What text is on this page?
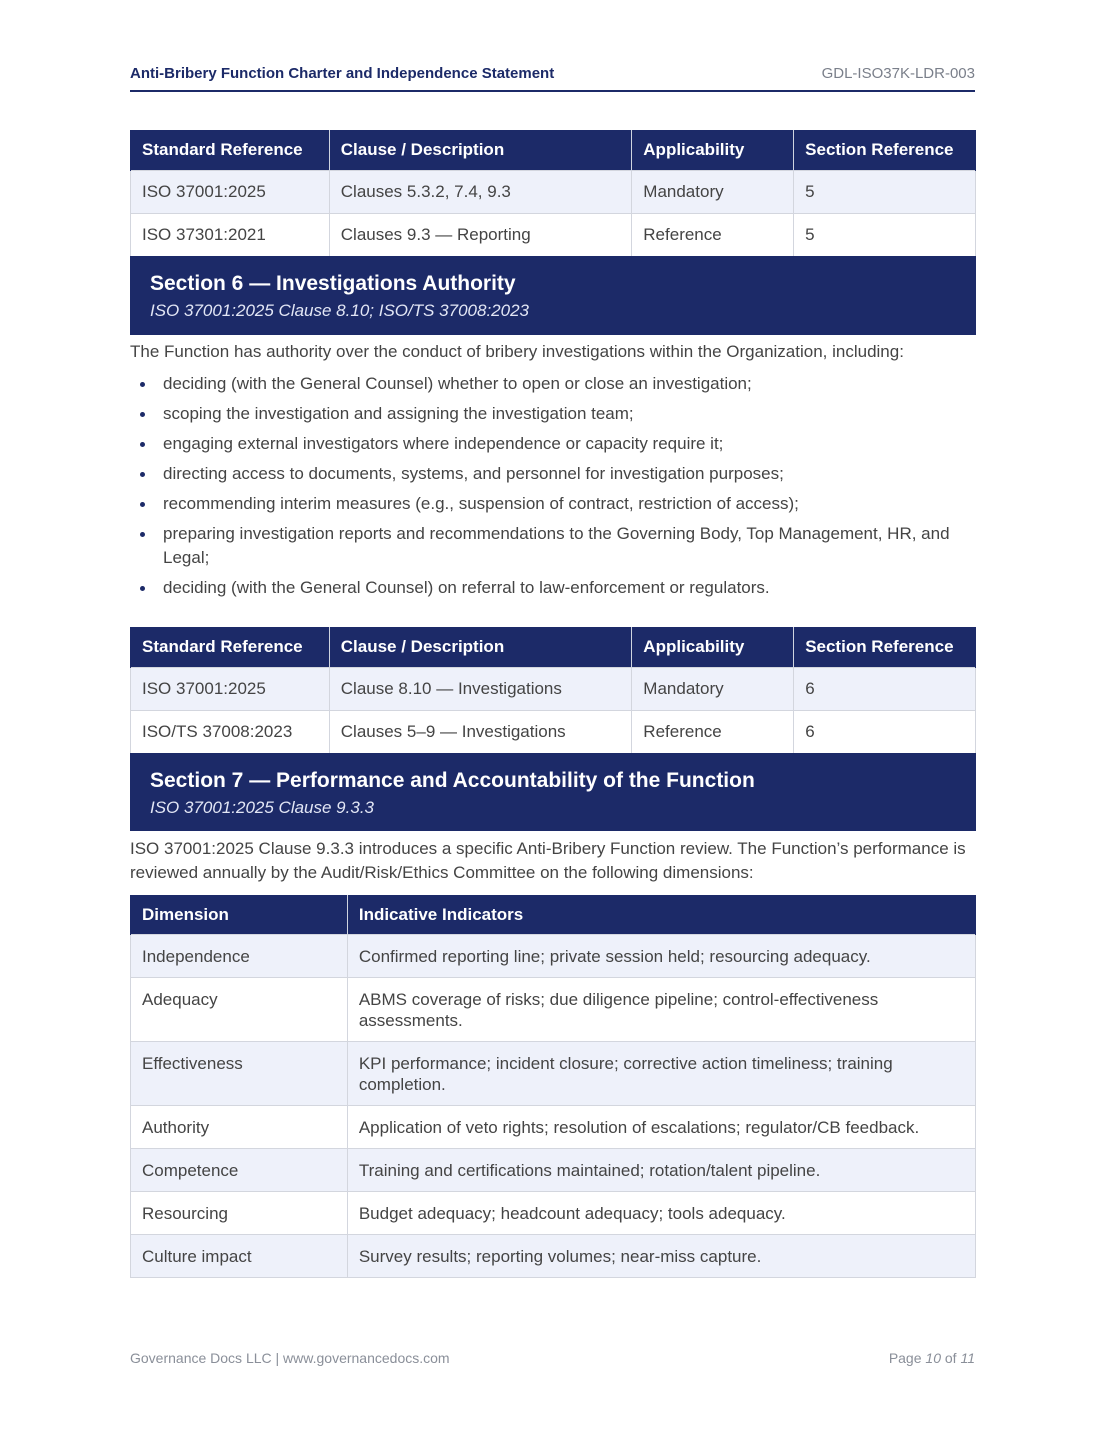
Anti-Bribery Function Charter and Independence Statement	GDL-ISO37K-LDR-003
Standard Reference	Clause / Description	Applicability	Section Reference
ISO 37001:2025	Clauses 5.3.2, 7.4, 9.3	Mandatory	5
ISO 37301:2021	Clauses 9.3 — Reporting	Reference	5
Section 6 — Investigations Authority
ISO 37001:2025 Clause 8.10; ISO/TS 37008:2023
The Function has authority over the conduct of bribery investigations within the Organization, including:
deciding (with the General Counsel) whether to open or close an investigation;
scoping the investigation and assigning the investigation team;
engaging external investigators where independence or capacity require it;
directing access to documents, systems, and personnel for investigation purposes;
recommending interim measures (e.g., suspension of contract, restriction of access);
preparing investigation reports and recommendations to the Governing Body, Top Management, HR, and Legal;
deciding (with the General Counsel) on referral to law-enforcement or regulators.
Standard Reference	Clause / Description	Applicability	Section Reference
ISO 37001:2025	Clause 8.10 — Investigations	Mandatory	6
ISO/TS 37008:2023	Clauses 5–9 — Investigations	Reference	6
Section 7 — Performance and Accountability of the Function
ISO 37001:2025 Clause 9.3.3
ISO 37001:2025 Clause 9.3.3 introduces a specific Anti-Bribery Function review. The Function’s performance is reviewed annually by the Audit/Risk/Ethics Committee on the following dimensions:
Dimension	Indicative Indicators
Independence	Confirmed reporting line; private session held; resourcing adequacy.
Adequacy	ABMS coverage of risks; due diligence pipeline; control-effectiveness assessments.
Effectiveness	KPI performance; incident closure; corrective action timeliness; training completion.
Authority	Application of veto rights; resolution of escalations; regulator/CB feedback.
Competence	Training and certifications maintained; rotation/talent pipeline.
Resourcing	Budget adequacy; headcount adequacy; tools adequacy.
Culture impact	Survey results; reporting volumes; near-miss capture.
Governance Docs LLC | www.governancedocs.com	Page 10 of 11
